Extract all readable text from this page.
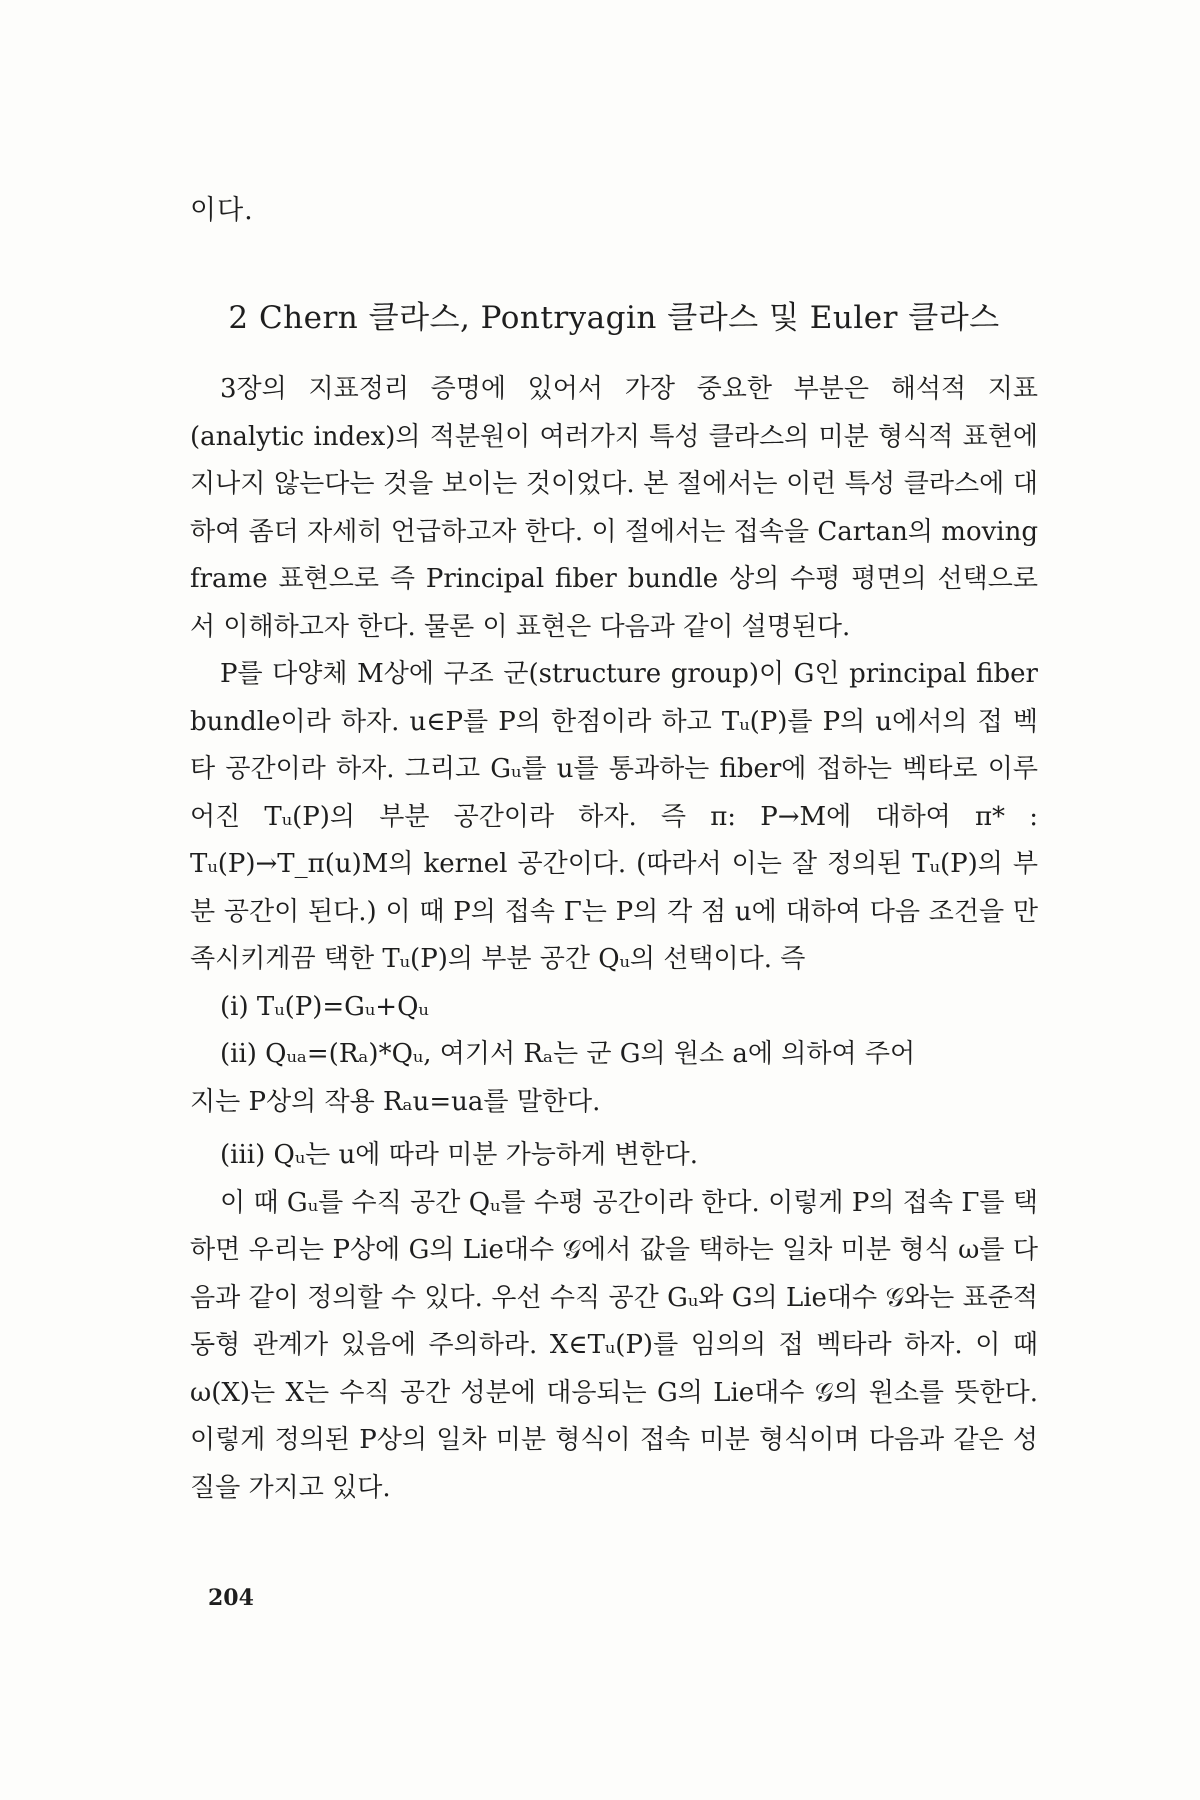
이다.
2 Chern 클라스, Pontryagin 클라스 및 Euler 클라스

3장의 지표정리 증명에 있어서 가장 중요한 부분은 해석적 지표(analytic index)의 적분원이 여러가지 특성 클라스의 미분 형식적 표현에 지나지 않는다는 것을 보이는 것이었다. 본 절에서는 이런 특성 클라스에 대하여 좀더 자세히 언급하고자 한다. 이 절에서는 접속을 Cartan의 moving frame 표현으로 즉 Principal fiber bundle 상의 수평 평면의 선택으로서 이해하고자 한다. 물론 이 표현은 다음과 같이 설명된다.

P를 다양체 M상에 구조 군(structure group)이 G인 principal fiber bundle이라 하자. u∈P를 P의 한점이라 하고 Tᵤ(P)를 P의 u에서의 접 벡타 공간이라 하자. 그리고 Gᵤ를 u를 통과하는 fiber에 접하는 벡타로 이루어진 Tᵤ(P)의 부분 공간이라 하자. 즉 π: P→M에 대하여 π* : Tᵤ(P)→T_π(u)M의 kernel 공간이다. (따라서 이는 잘 정의된 Tᵤ(P)의 부분 공간이 된다.) 이 때 P의 접속 Γ는 P의 각 점 u에 대하여 다음 조건을 만족시키게끔 택한 Tᵤ(P)의 부분 공간 Qᵤ의 선택이다. 즉

(i) Tᵤ(P)=Gᵤ+Qᵤ

(ii) Qᵤₐ=(Rₐ)*Qᵤ, 여기서 Rₐ는 군 G의 원소 a에 의하여 주어

지는 P상의 작용 Rₐu=ua를 말한다.

(iii) Qᵤ는 u에 따라 미분 가능하게 변한다.

이 때 Gᵤ를 수직 공간 Qᵤ를 수평 공간이라 한다. 이렇게 P의 접속 Γ를 택하면 우리는 P상에 G의 Lie대수 𝒢에서 값을 택하는 일차 미분 형식 ω를 다음과 같이 정의할 수 있다. 우선 수직 공간 Gᵤ와 G의 Lie대수 𝒢와는 표준적 동형 관계가 있음에 주의하라. X∈Tᵤ(P)를 임의의 접 벡타라 하자. 이 때 ω(X)는 X는 수직 공간 성분에 대응되는 G의 Lie대수 𝒢의 원소를 뜻한다. 이렇게 정의된 P상의 일차 미분 형식이 접속 미분 형식이며 다음과 같은 성질을 가지고 있다.

204
